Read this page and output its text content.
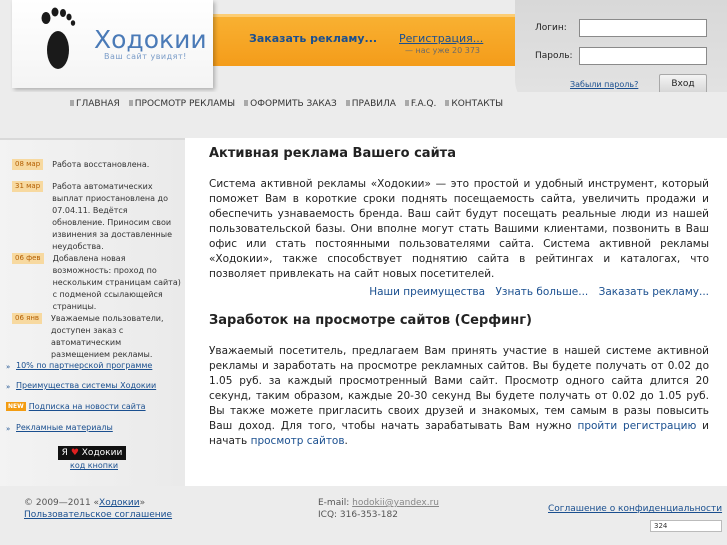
Ходокии
Ваш сайт увидят!
Заказать рекламу... Регистрация...
— нас уже 20 373
Логин:
Пароль:
Забыли пароль?	Вход
ГЛАВНАЯ	ПРОСМОТР РЕКЛАМЫ	ОФОРМИТЬ ЗАКАЗ	ПРАВИЛА	F.A.Q.	КОНТАКТЫ
08 мар	Работа восстановлена.
31 мар	Работа автоматических выплат приостановлена до 07.04.11. Ведётся обновление. Приносим свои извинения за доставленные неудобства.
06 фев	Добавлена новая возможность: проход по нескольким страницам сайта) с подменой ссылающейся страницы.
06 янв	Уважаемые пользователи, доступен заказ с автоматическим размещением рекламы.
» 10% по партнерской программе
» Преимущества системы Ходокии
NEW Подписка на новости сайта
» Рекламные материалы
Я ♥ Ходокии
код кнопки
Активная реклама Вашего сайта

Система активной рекламы «Ходокии» — это простой и удобный инструмент, который поможет Вам в короткие сроки поднять посещаемость сайта, увеличить продажи и обеспечить узнаваемость бренда. Ваш сайт будут посещать реальные люди из нашей пользовательской базы. Они вполне могут стать Вашими клиентами, позвонить в Ваш офис или стать постоянными пользователями сайта. Система активной рекламы «Ходокии», также способствует поднятию сайта в рейтингах и каталогах, что позволяет привлекать на сайт новых посетителей.

Наши преимущества Узнать больше... Заказать рекламу...
Заработок на просмотре сайтов (Серфинг)

Уважаемый посетитель, предлагаем Вам принять участие в нашей системе активной рекламы и заработать на просмотре рекламных сайтов. Вы будете получать от 0.02 до 1.05 руб. за каждый просмотренный Вами сайт. Просмотр одного сайта длится 20 секунд, таким образом, каждые 20-30 секунд Вы будете получать от 0.02 до 1.05 руб. Вы также можете пригласить своих друзей и знакомых, тем самым в разы повысить Ваш доход. Для того, чтобы начать зарабатывать Вам нужно пройти регистрацию и начать просмотр сайтов.

© 2009—2011 «Ходокии»
Пользовательское соглашение
E-mail: hodokii@yandex.ru
ICQ: 316-353-182
Соглашение о конфиденциальности
324
